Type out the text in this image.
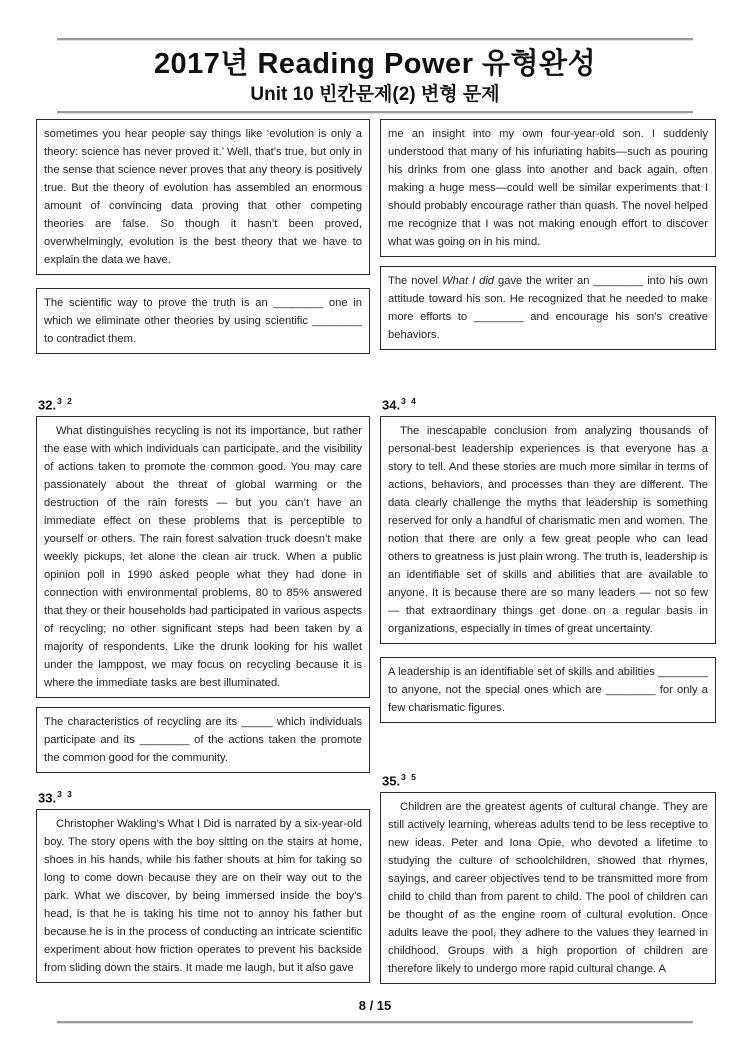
2017년 Reading Power 유형완성
Unit 10 빈칸문제(2) 변형 문제
sometimes you hear people say things like ‘evolution is only a theory: science has never proved it.’ Well, that’s true, but only in the sense that science never proves that any theory is positively true. But the theory of evolution has assembled an enormous amount of convincing data proving that other competing theories are false. So though it hasn’t been proved, overwhelmingly, evolution is the best theory that we have to explain the data we have.
The scientific way to prove the truth is an ________ one in which we eliminate other theories by using scientific ________ to contradict them.
32.$^{3 2}$
What distinguishes recycling is not its importance, but rather the ease with which individuals can participate, and the visibility of actions taken to promote the common good. You may care passionately about the threat of global warming or the destruction of the rain forests — but you can’t have an immediate effect on these problems that is perceptible to yourself or others. The rain forest salvation truck doesn’t make weekly pickups, let alone the clean air truck. When a public opinion poll in 1990 asked people what they had done in connection with environmental problems, 80 to 85% answered that they or their households had participated in various aspects of recycling; no other significant steps had been taken by a majority of respondents. Like the drunk looking for his wallet under the lamppost, we may focus on recycling because it is where the immediate tasks are best illuminated.
The characteristics of recycling are its _____ which individuals participate and its ________ of the actions taken the promote the common good for the community.
33.$^{3 3}$
Christopher Wakling’s What I Did is narrated by a six-year-old boy. The story opens with the boy sitting on the stairs at home, shoes in his hands, while his father shouts at him for taking so long to come down because they are on their way out to the park. What we discover, by being immersed inside the boy’s head, is that he is taking his time not to annoy his father but because he is in the process of conducting an intricate scientific experiment about how friction operates to prevent his backside from sliding down the stairs. It made me laugh, but it also gave
me an insight into my own four-year-old son. I suddenly understood that many of his infuriating habits—such as pouring his drinks from one glass into another and back again, often making a huge mess—could well be similar experiments that I should probably encourage rather than quash. The novel helped me recognize that I was not making enough effort to discover what was going on in his mind.
The novel What I did gave the writer an ________ into his own attitude toward his son. He recognized that he needed to make more efforts to ________ and encourage his son’s creative behaviors.
34.$^{3 4}$
The inescapable conclusion from analyzing thousands of personal-best leadership experiences is that everyone has a story to tell. And these stories are much more similar in terms of actions, behaviors, and processes than they are different. The data clearly challenge the myths that leadership is something reserved for only a handful of charismatic men and women. The notion that there are only a few great people who can lead others to greatness is just plain wrong. The truth is, leadership is an identifiable set of skills and abilities that are available to anyone. It is because there are so many leaders — not so few — that extraordinary things get done on a regular basis in organizations, especially in times of great uncertainty.
A leadership is an identifiable set of skills and abilities ________ to anyone, not the special ones which are ________ for only a few charismatic figures.
35.$^{3 5}$
Children are the greatest agents of cultural change. They are still actively learning, whereas adults tend to be less receptive to new ideas. Peter and Iona Opie, who devoted a lifetime to studying the culture of schoolchildren, showed that rhymes, sayings, and career objectives tend to be transmitted more from child to child than from parent to child. The pool of children can be thought of as the engine room of cultural evolution. Once adults leave the pool, they adhere to the values they learned in childhood. Groups with a high proportion of children are therefore likely to undergo more rapid cultural change. A
8 / 15
